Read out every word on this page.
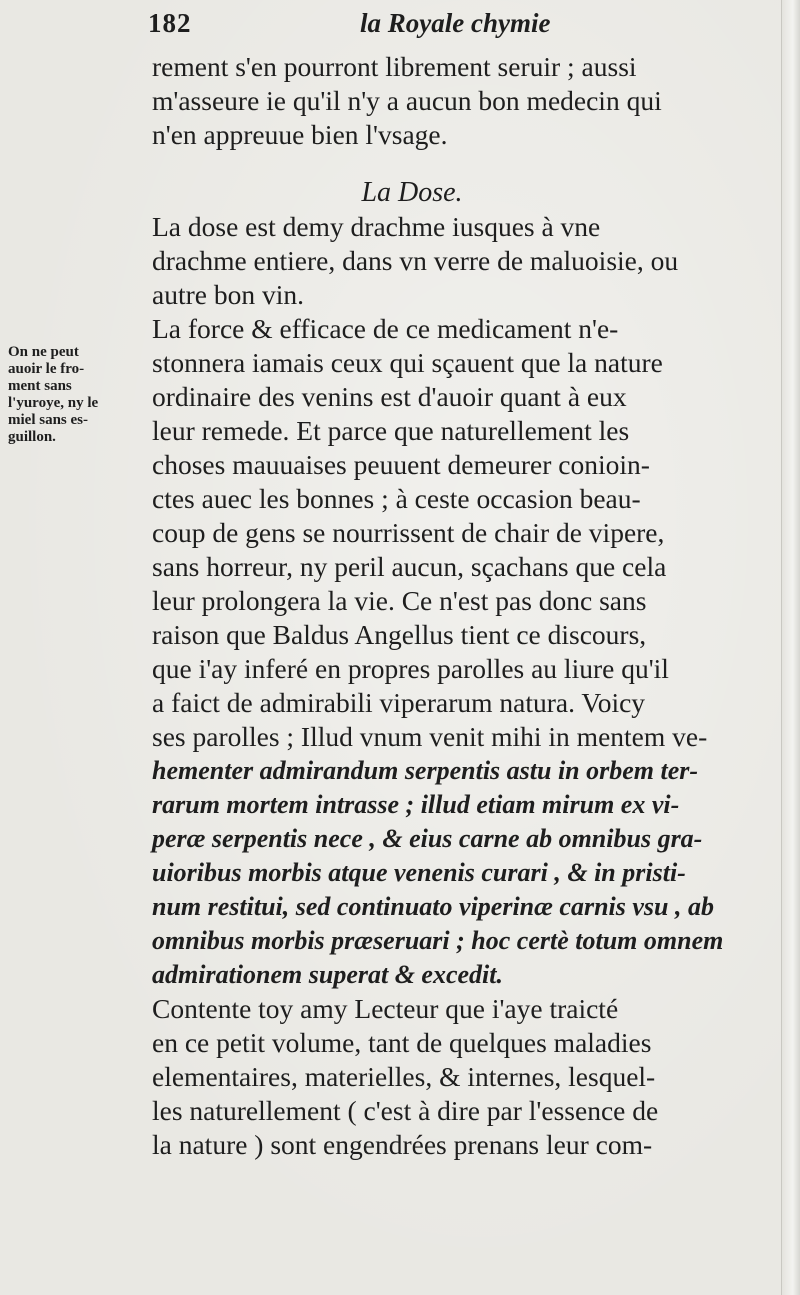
182	la Royale chymie
On ne peut
auoir le fro-
ment sans
l'yuroye, ny le
miel sans es-
guillon.
rement s'en pourront librement seruir ; aussi
m'asseure ie qu'il n'y a aucun bon medecin qui
n'en appreuue bien l'vsage.
La Dose.
La dose est demy drachme iusques à vne
drachme entiere, dans vn verre de maluoisie, ou
autre bon vin.
La force & efficace de ce medicament n'e-
stonnera iamais ceux qui sçauent que la nature
ordinaire des venins est d'auoir quant à eux
leur remede. Et parce que naturellement les
choses mauuaises peuuent demeurer conioin-
ctes auec les bonnes ; à ceste occasion beau-
coup de gens se nourrissent de chair de vipere,
sans horreur, ny peril aucun, sçachans que cela
leur prolongera la vie. Ce n'est pas donc sans
raison que Baldus Angellus tient ce discours,
que i'ay inferé en propres parolles au liure qu'il
a faict de admirabili viperarum natura. Voicy
ses parolles ; Illud vnum venit mihi in mentem ve-
hementer admirandum serpentis astu in orbem ter-
rarum mortem intrasse ; illud etiam mirum ex vi-
peræ serpentis nece , & eius carne ab omnibus gra-
uioribus morbis atque venenis curari , & in pristi-
num restitui, sed continuato viperinæ carnis vsu , ab
omnibus morbis præseruari ; hoc certè totum omnem
admirationem superat & excedit.
Contente toy amy Lecteur que i'aye traicté
en ce petit volume, tant de quelques maladies
elementaires, materielles, & internes, lesquel-
les naturellement ( c'est à dire par l'essence de
la nature ) sont engendrées prenans leur com-
